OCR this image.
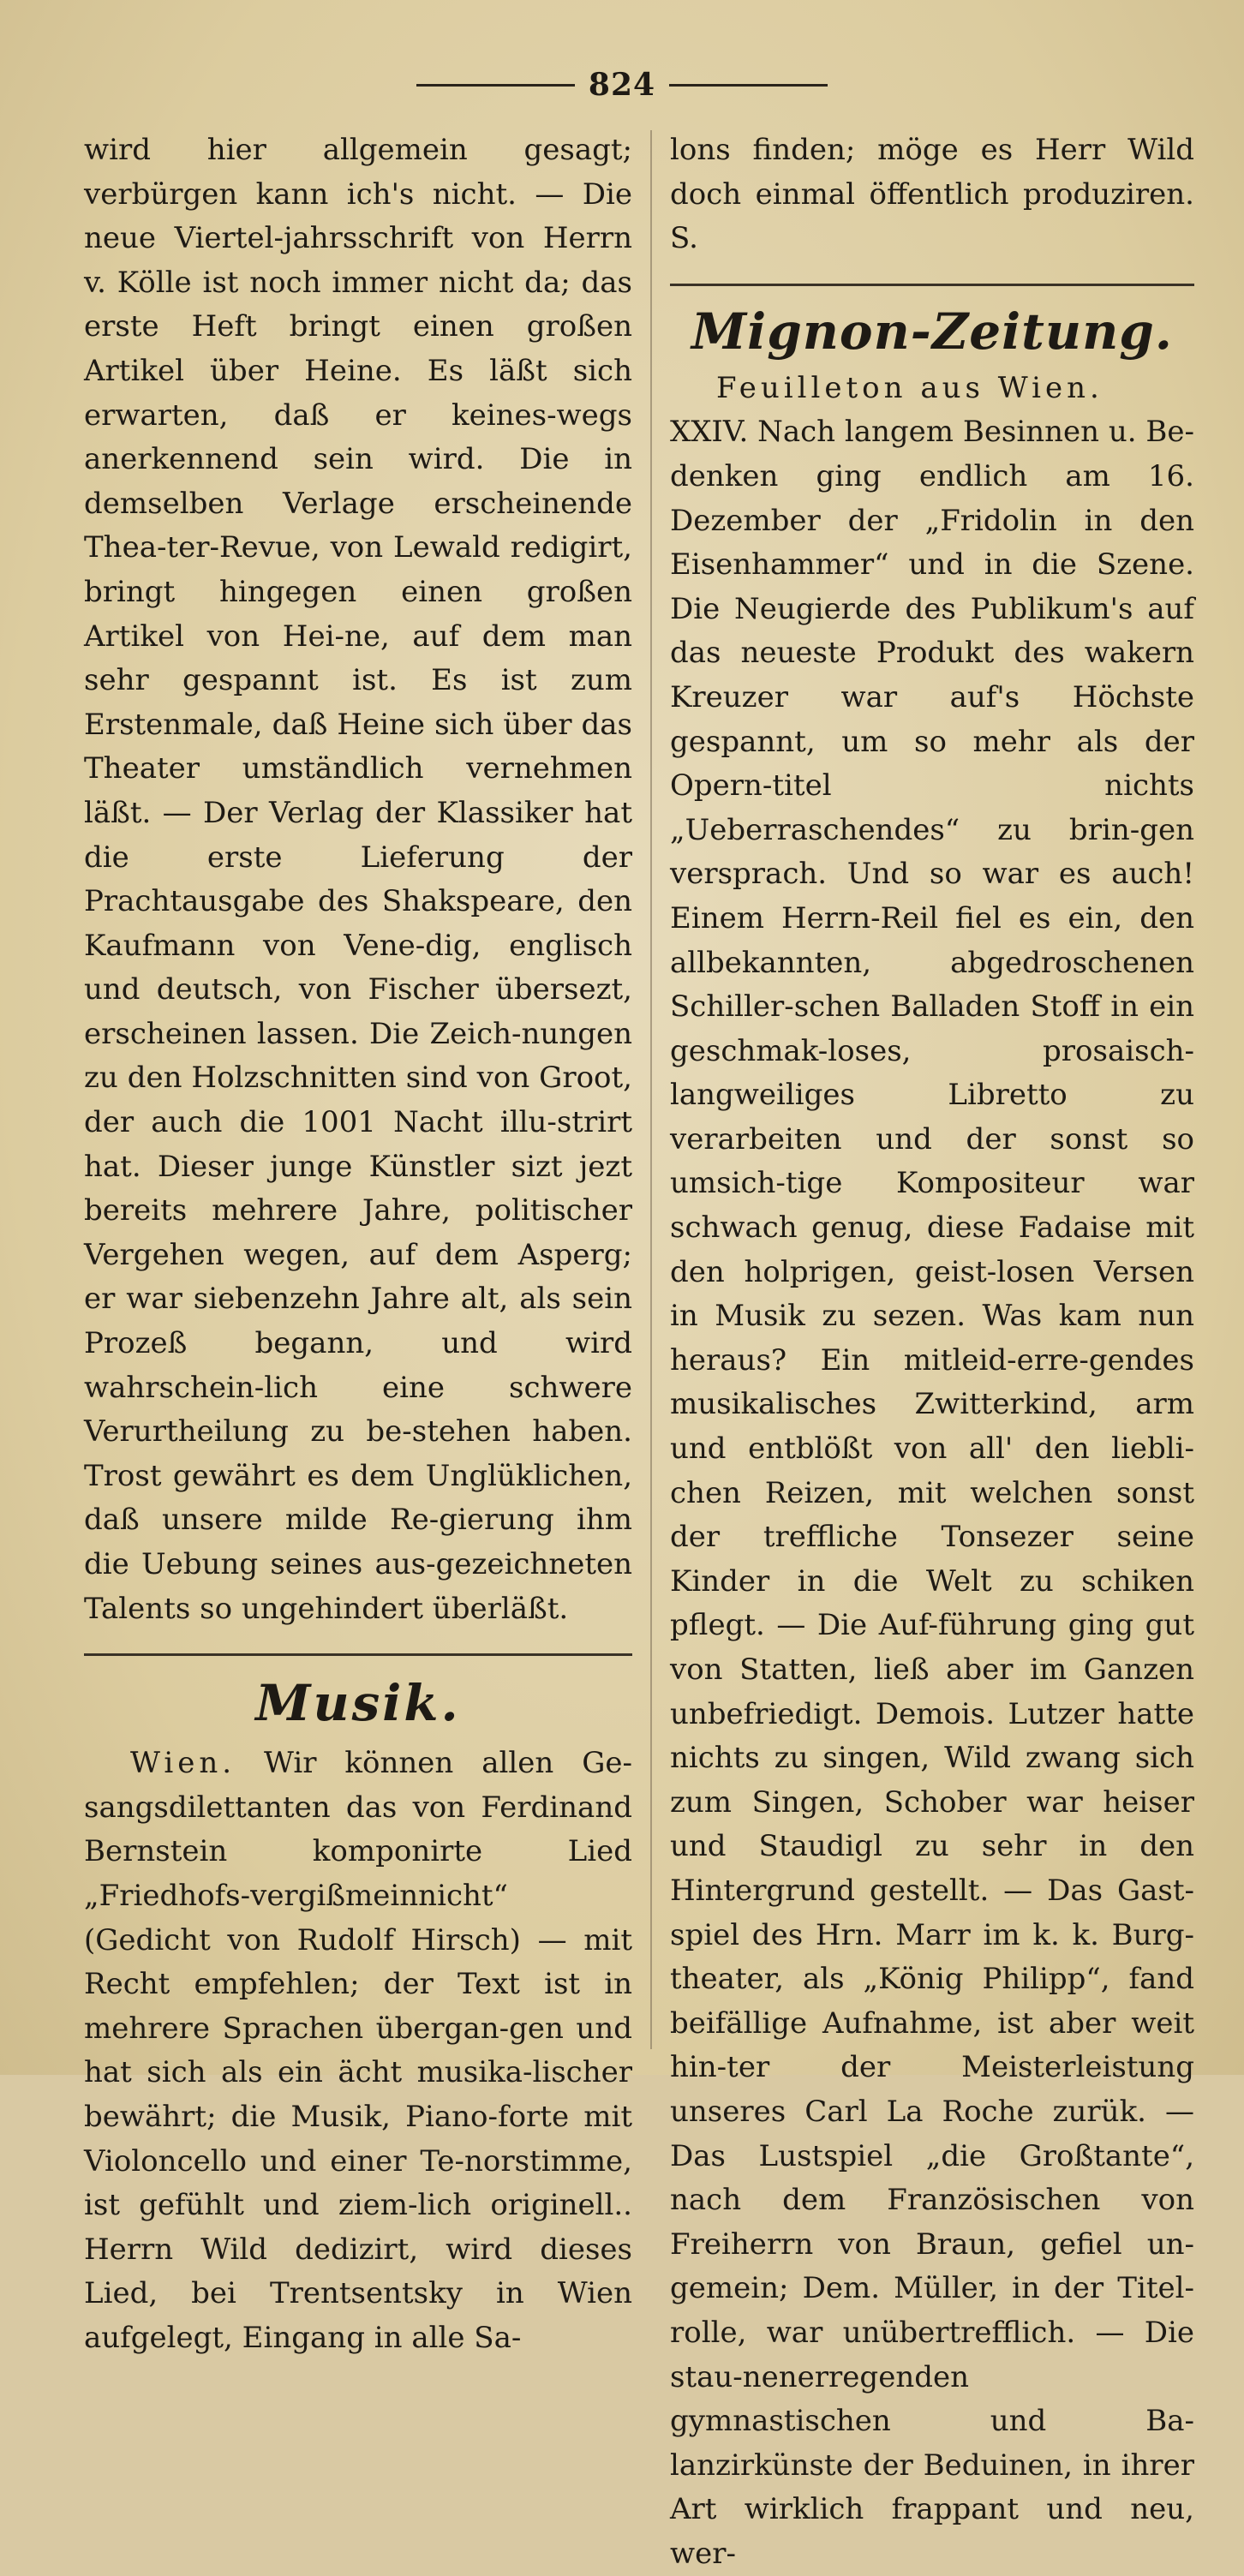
824

wird hier allgemein gesagt; verbürgen kann ich's nicht. — Die neue Viertel-jahrsschrift von Herrn v. Kölle ist noch immer nicht da; das erste Heft bringt einen großen Artikel über Heine. Es läßt sich erwarten, daß er keines-wegs anerkennend sein wird. Die in demselben Verlage erscheinende Thea-ter-Revue, von Lewald redigirt, bringt hingegen einen großen Artikel von Hei-ne, auf dem man sehr gespannt ist. Es ist zum Erstenmale, daß Heine sich über das Theater umständlich vernehmen läßt. — Der Verlag der Klassiker hat die erste Lieferung der Prachtausgabe des Shakspeare, den Kaufmann von Vene-dig, englisch und deutsch, von Fischer übersezt, erscheinen lassen. Die Zeich-nungen zu den Holzschnitten sind von Groot, der auch die 1001 Nacht illu-strirt hat. Dieser junge Künstler sizt jezt bereits mehrere Jahre, politischer Vergehen wegen, auf dem Asperg; er war siebenzehn Jahre alt, als sein Prozeß begann, und wird wahrschein-lich eine schwere Verurtheilung zu be-stehen haben. Trost gewährt es dem Unglüklichen, daß unsere milde Re-gierung ihm die Uebung seines aus-gezeichneten Talents so ungehindert überläßt.

Musik.

Wien. Wir können allen Ge-sangsdilettanten das von Ferdinand Bernstein komponirte Lied „Friedhofs-vergißmeinnicht“ (Gedicht von Rudolf Hirsch) — mit Recht empfehlen; der Text ist in mehrere Sprachen übergan-gen und hat sich als ein ächt musika-lischer bewährt; die Musik, Piano-forte mit Violoncello und einer Te-norstimme, ist gefühlt und ziem-lich originell.. Herrn Wild dedizirt, wird dieses Lied, bei Trentsentsky in Wien aufgelegt, Eingang in alle Sa-

lons finden; möge es Herr Wild doch einmal öffentlich produziren. S.

Mignon-Zeitung.

Feuilleton aus Wien.

XXIV. Nach langem Besinnen u. Be-denken ging endlich am 16. Dezember der „Fridolin in den Eisenhammer“ und in die Szene. Die Neugierde des Publikum's auf das neueste Produkt des wakern Kreuzer war auf's Höchste gespannt, um so mehr als der Opern-titel nichts „Ueberraschendes“ zu brin-gen versprach. Und so war es auch! Einem Herrn-Reil fiel es ein, den allbekannten, abgedroschenen Schiller-schen Balladen Stoff in ein geschmak-loses, prosaisch-langweiliges Libretto zu verarbeiten und der sonst so umsich-tige Kompositeur war schwach genug, diese Fadaise mit den holprigen, geist-losen Versen in Musik zu sezen. Was kam nun heraus? Ein mitleid-erre-gendes musikalisches Zwitterkind, arm und entblößt von all' den liebli-chen Reizen, mit welchen sonst der treffliche Tonsezer seine Kinder in die Welt zu schiken pflegt. — Die Auf-führung ging gut von Statten, ließ aber im Ganzen unbefriedigt. Demois. Lutzer hatte nichts zu singen, Wild zwang sich zum Singen, Schober war heiser und Staudigl zu sehr in den Hintergrund gestellt. — Das Gast-spiel des Hrn. Marr im k. k. Burg-theater, als „König Philipp“, fand beifällige Aufnahme, ist aber weit hin-ter der Meisterleistung unseres Carl La Roche zurük. — Das Lustspiel „die Großtante“, nach dem Französischen von Freiherrn von Braun, gefiel un-gemein; Dem. Müller, in der Titel-rolle, war unübertrefflich. — Die stau-nenerregenden gymnastischen und Ba-lanzirkünste der Beduinen, in ihrer Art wirklich frappant und neu, wer-
